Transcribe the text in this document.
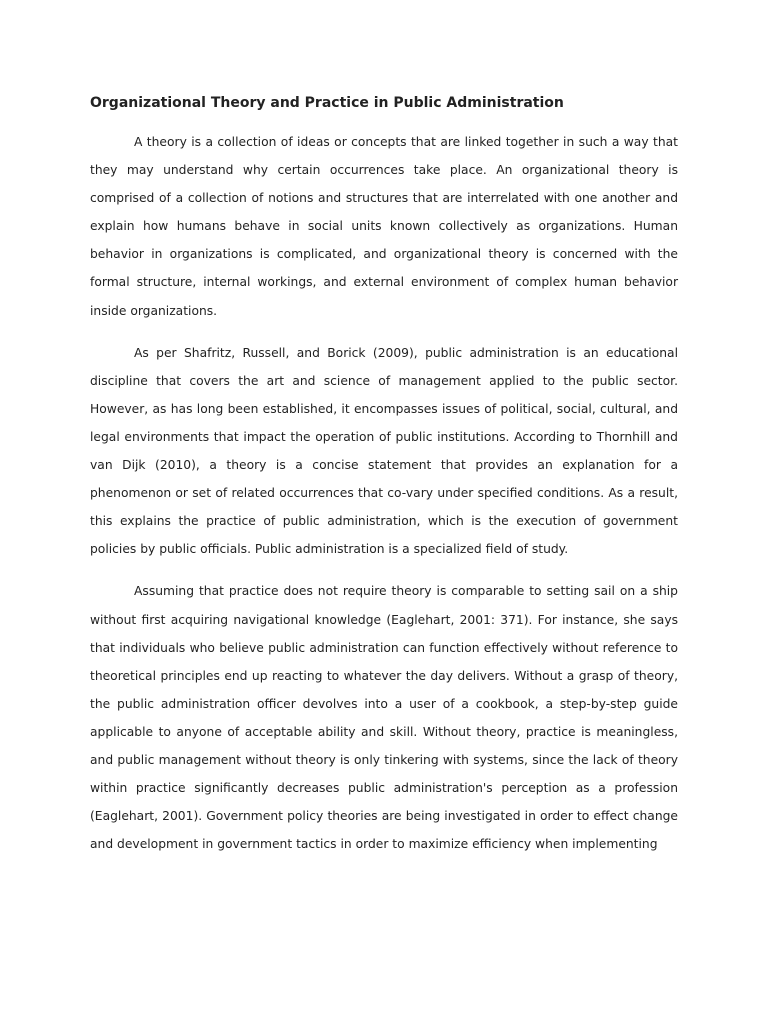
Organizational Theory and Practice in Public Administration

A theory is a collection of ideas or concepts that are linked together in such a way that they may understand why certain occurrences take place. An organizational theory is comprised of a collection of notions and structures that are interrelated with one another and explain how humans behave in social units known collectively as organizations. Human behavior in organizations is complicated, and organizational theory is concerned with the formal structure, internal workings, and external environment of complex human behavior inside organizations.

As per Shafritz, Russell, and Borick (2009), public administration is an educational discipline that covers the art and science of management applied to the public sector. However, as has long been established, it encompasses issues of political, social, cultural, and legal environments that impact the operation of public institutions. According to Thornhill and van Dijk (2010), a theory is a concise statement that provides an explanation for a phenomenon or set of related occurrences that co-vary under specified conditions. As a result, this explains the practice of public administration, which is the execution of government policies by public officials. Public administration is a specialized field of study.

Assuming that practice does not require theory is comparable to setting sail on a ship without first acquiring navigational knowledge (Eaglehart, 2001: 371). For instance, she says that individuals who believe public administration can function effectively without reference to theoretical principles end up reacting to whatever the day delivers. Without a grasp of theory, the public administration officer devolves into a user of a cookbook, a step-by-step guide applicable to anyone of acceptable ability and skill. Without theory, practice is meaningless, and public management without theory is only tinkering with systems, since the lack of theory within practice significantly decreases public administration's perception as a profession (Eaglehart, 2001). Government policy theories are being investigated in order to effect change and development in government tactics in order to maximize efficiency when implementing
